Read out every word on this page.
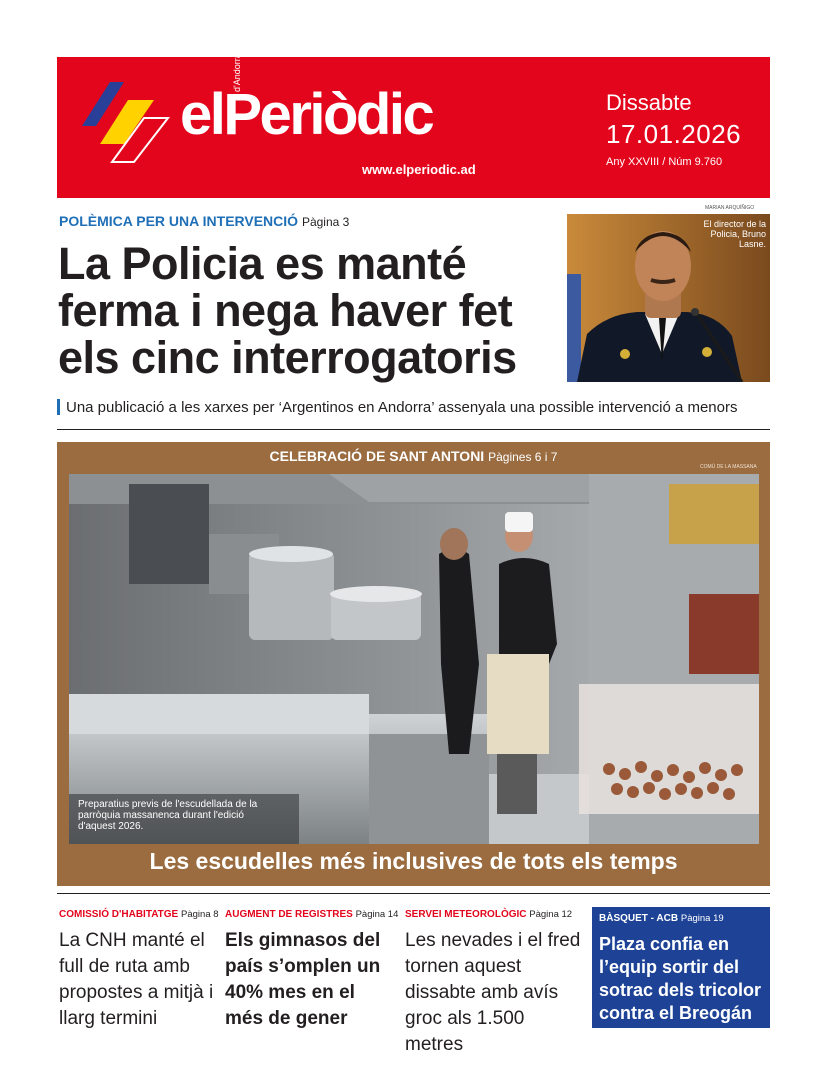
elPeriòdic
d'Andorra
www.elperiodic.ad
Dissabte
17.01.2026
Any XXVIII / Núm 9.760
POLÈMICA PER UNA INTERVENCIÓ Pàgina 3
La Policia es manté ferma i nega haver fet els cinc interrogatoris
MARIAN ARQUÍÑIGO
El director de la Policia, Bruno Lasne.
Una publicació a les xarxes per ‘Argentinos en Andorra’ assenyala una possible intervenció a menors
CELEBRACIÓ DE SANT ANTONI Pàgines 6 i 7
COMÚ DE LA MASSANA
Preparatius previs de l'escudellada de la parròquia massanenca durant l'edició d'aquest 2026.
Les escudelles més inclusives de tots els temps
COMISSIÓ D'HABITATGE Pàgina 8
La CNH manté el full de ruta amb propostes a mitjà i llarg termini
AUGMENT DE REGISTRES Pàgina 14
Els gimnasos del país s’omplen un 40% mes en el més de gener
SERVEI METEOROLÒGIC Pàgina 12
Les nevades i el fred tornen aquest dissabte amb avís groc als 1.500 metres
BÀSQUET - ACB Pàgina 19
Plaza confia en l’equip sortir del sotrac dels tricolor contra el Breogán
